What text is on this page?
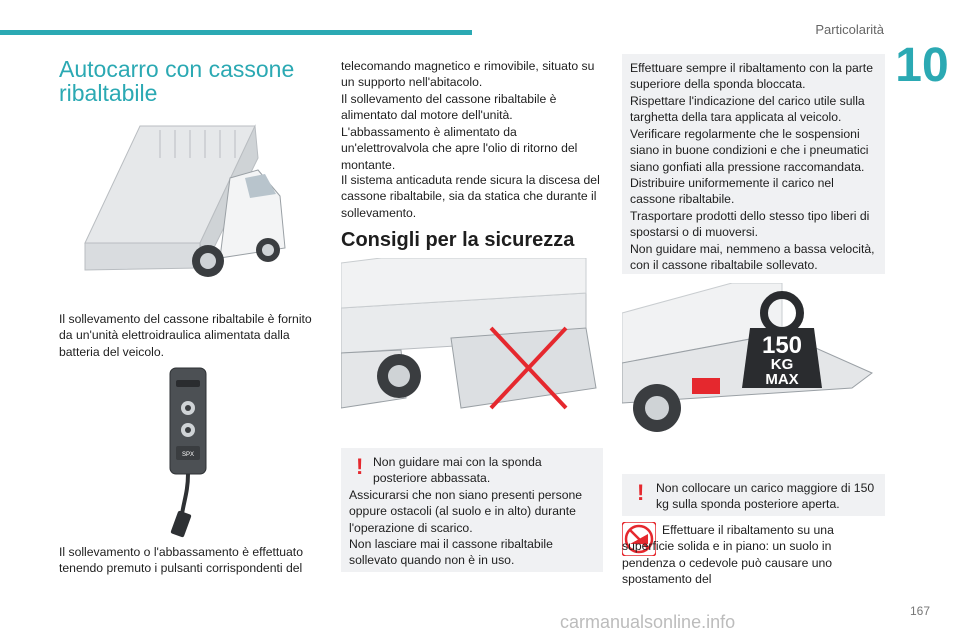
Particolarità
10
Autocarro con cassone ribaltabile

Il sollevamento del cassone ribaltabile è fornito da un'unità elettroidraulica alimentata dalla batteria del veicolo.

SPX

Il sollevamento o l'abbassamento è effettuato tenendo premuto i pulsanti corrispondenti del

telecomando magnetico e rimovibile, situato su un supporto nell'abitacolo.

Il sollevamento del cassone ribaltabile è alimentato dal motore dell'unità.

L'abbassamento è alimentato da un'elettrovalvola che apre l'olio di ritorno del montante.

Il sistema anticaduta rende sicura la discesa del cassone ribaltabile, sia da statica che durante il sollevamento.

Consigli per la sicurezza
! Non guidare mai con la sponda posteriore abbassata.

Assicurarsi che non siano presenti persone oppure ostacoli (al suolo e in alto) durante l'operazione di scarico.

Non lasciare mai il cassone ribaltabile sollevato quando non è in uso.

Effettuare sempre il ribaltamento con la parte superiore della sponda bloccata.

Rispettare l'indicazione del carico utile sulla targhetta della tara applicata al veicolo.

Verificare regolarmente che le sospensioni siano in buone condizioni e che i pneumatici siano gonfiati alla pressione raccomandata.

Distribuire uniformemente il carico nel cassone ribaltabile.

Trasportare prodotti dello stesso tipo liberi di spostarsi o di muoversi.

Non guidare mai, nemmeno a bassa velocità, con il cassone ribaltabile sollevato.

150
KG
MAX
! Non collocare un carico maggiore di 150 kg sulla sponda posteriore aperta.

Effettuare il ribaltamento su una superficie solida e in piano: un suolo in pendenza o cedevole può causare uno spostamento del

167
carmanualsonline.info
